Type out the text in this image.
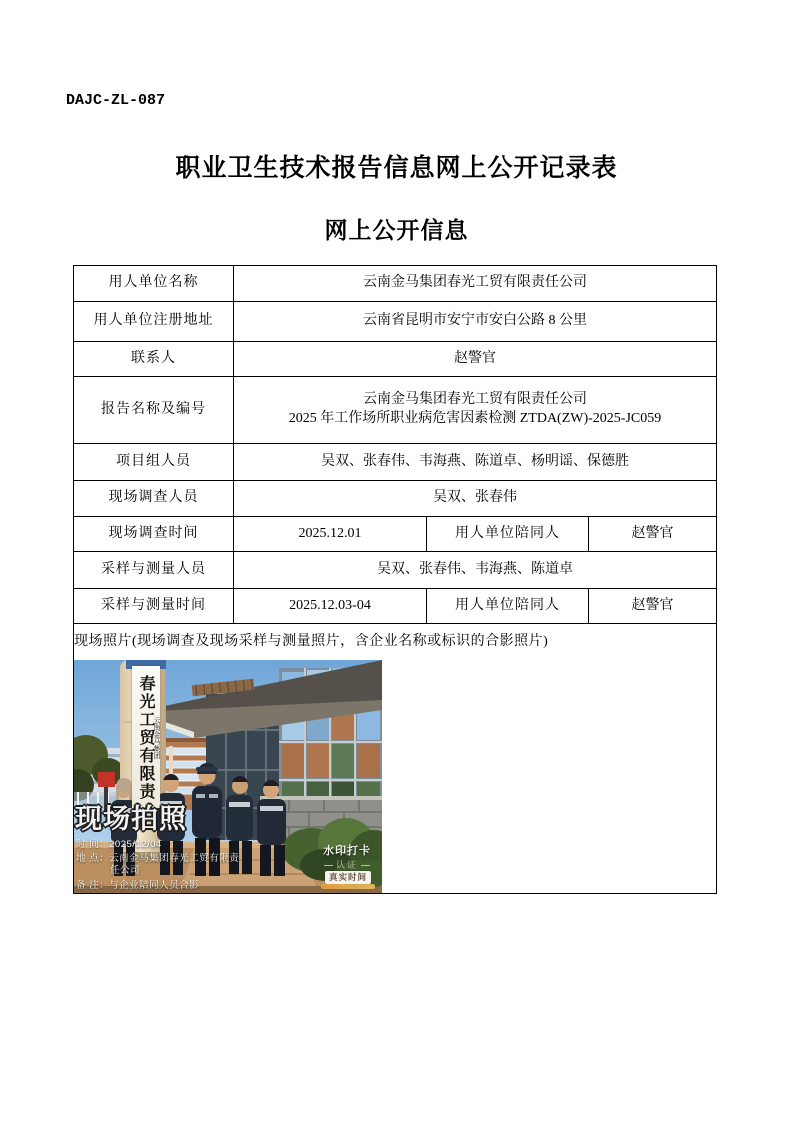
DAJC-ZL-087
职业卫生技术报告信息网上公开记录表
网上公开信息
用人单位名称	云南金马集团春光工贸有限责任公司		
用人单位注册地址	云南省昆明市安宁市安白公路 8 公里		
联系人	赵警官		
报告名称及编号	云南金马集团春光工贸有限责任公司
2025 年工作场所职业病危害因素检测 ZTDA(ZW)-2025-JC059		

项目组人员	吴双、张春伟、韦海燕、陈道卓、杨明谣、保德胜		
现场调查人员	吴双、张春伟		
现场调查时间	2025.12.01	用人单位陪同人	赵警官
采样与测量人员	吴双、张春伟、韦海燕、陈道卓		
采样与测量时间	2025.12.03-04	用人单位陪同人	赵警官

现场照片(现场调查及现场采样与测量照片，含企业名称或标识的合影照片)
云南金马集团
春光工贸有限责
现场拍照
时 间：2025/12/04
地 点：云南金马集团春光工贸有限责
任公司
备 注：与企业陪同人员合影
水印打卡
认证
真实时间
